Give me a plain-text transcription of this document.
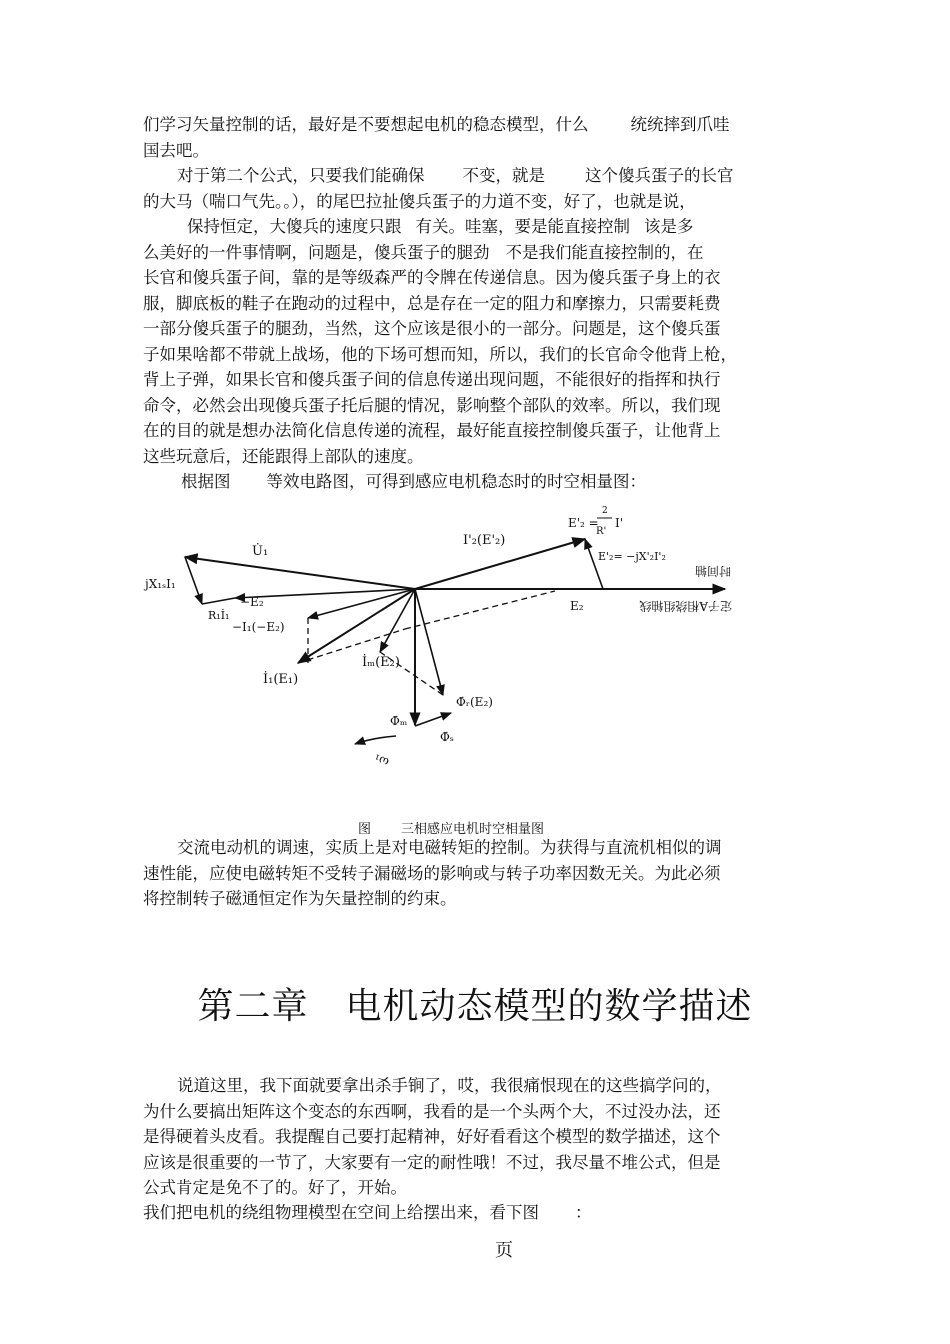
们学习矢量控制的话，最好是不要想起电机的稳态模型，什么	统统摔到爪哇
国去吧。
对于第二个公式，只要我们能确保 不变，就是 这个傻兵蛋子的长官
的大马（喘口气先。。），的尾巴拉扯傻兵蛋子的力道不变，好了，也就是说，
保持恒定，大傻兵的速度只跟 有关。哇塞，要是能直接控制 该是多
么美好的一件事情啊，问题是，傻兵蛋子的腿劲 不是我们能直接控制的，在
长官和傻兵蛋子间，靠的是等级森严的令牌在传递信息。因为傻兵蛋子身上的衣
服，脚底板的鞋子在跑动的过程中，总是存在一定的阻力和摩擦力，只需要耗费
一部分傻兵蛋子的腿劲，当然，这个应该是很小的一部分。问题是，这个傻兵蛋
子如果啥都不带就上战场，他的下场可想而知，所以，我们的长官命令他背上枪，
背上子弹，如果长官和傻兵蛋子间的信息传递出现问题，不能很好的指挥和执行
命令，必然会出现傻兵蛋子托后腿的情况，影响整个部队的效率。所以，我们现
在的目的就是想办法简化信息传递的流程，最好能直接控制傻兵蛋子，让他背上
这些玩意后，还能跟得上部队的速度。
根据图 等效电路图，可得到感应电机稳态时的时空相量图：
E'₂ =
2
R'
I'
I'₂(E'₂)
E'₂= −jX'₂I'₂
时间轴
E₂	定子A相绕组轴线
U̇₁
jX₁ₛI₁
R₁İ₁
−E₂
−I₁(−E₂)
İ₁(E₁)
İₘ(E₂)
Φ̇ₘ
Φ̇ᵣ(E₂)
Φ̇ₛ
ω₁
图 三相感应电机时空相量图
交流电动机的调速，实质上是对电磁转矩的控制。为获得与直流机相似的调
速性能，应使电磁转矩不受转子漏磁场的影响或与转子功率因数无关。为此必须
将控制转子磁通恒定作为矢量控制的约束。
第二章　电机动态模型的数学描述
说道这里，我下面就要拿出杀手锏了，哎，我很痛恨现在的这些搞学问的，
为什么要搞出矩阵这个变态的东西啊，我看的是一个头两个大，不过没办法，还
是得硬着头皮看。我提醒自己要打起精神，好好看看这个模型的数学描述，这个
应该是很重要的一节了，大家要有一定的耐性哦！不过，我尽量不堆公式，但是
公式肯定是免不了的。好了，开始。
我们把电机的绕组物理模型在空间上给摆出来，看下图 ：
页
